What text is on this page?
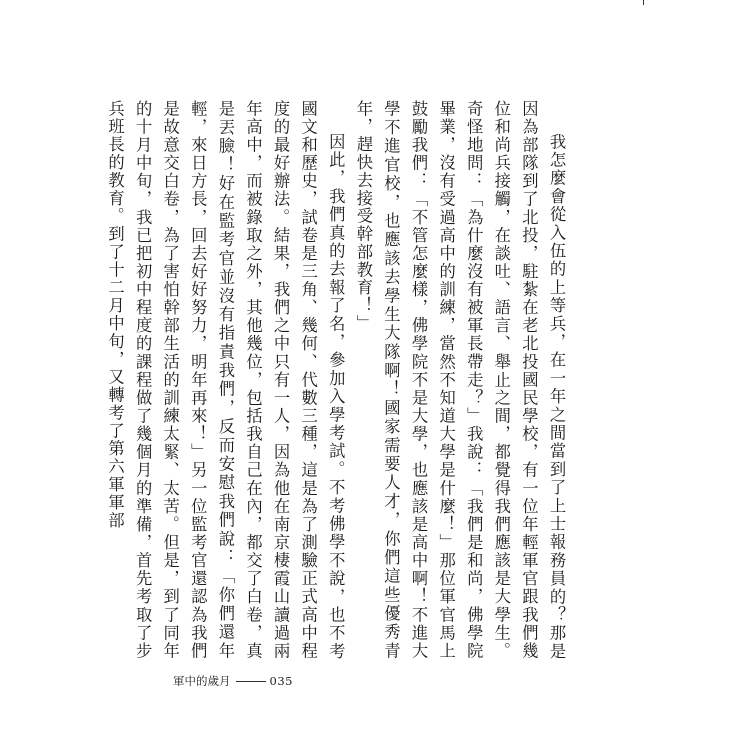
我怎麼會從入伍的上等兵，在一年之間當到了上士報務員的？那是因為部隊到了北投，駐紮在老北投國民學校，有一位年輕軍官跟我們幾位和尚兵接觸，在談吐、語言、舉止之間，都覺得我們應該是大學生。奇怪地問：「為什麼沒有被軍長帶走？」我說：「我們是和尚，佛學院畢業，沒有受過高中的訓練，當然不知道大學是什麼！」那位軍官馬上鼓勵我們：「不管怎麼樣，佛學院不是大學，也應該是高中啊！不進大學不進官校，也應該去學生大隊啊！國家需要人才，你們這些優秀青年，趕快去接受幹部教育！」

因此，我們真的去報了名，參加入學考試。不考佛學不說，也不考國文和歷史，試卷是三角、幾何、代數三種，這是為了測驗正式高中程度的最好辦法。結果，我們之中只有一人，因為他在南京棲霞山讀過兩年高中，而被錄取之外，其他幾位，包括我自己在內，都交了白卷，真是丟臉！好在監考官並沒有指責我們，反而安慰我們說：「你們還年輕，來日方長，回去好好努力，明年再來！」另一位監考官還認為我們是故意交白卷，為了害怕幹部生活的訓練太緊、太苦。但是，到了同年的十月中旬，我已把初中程度的課程做了幾個月的準備，首先考取了步兵班長的教育。到了十二月中旬，又轉考了第六軍軍部

軍中的歲月	035
